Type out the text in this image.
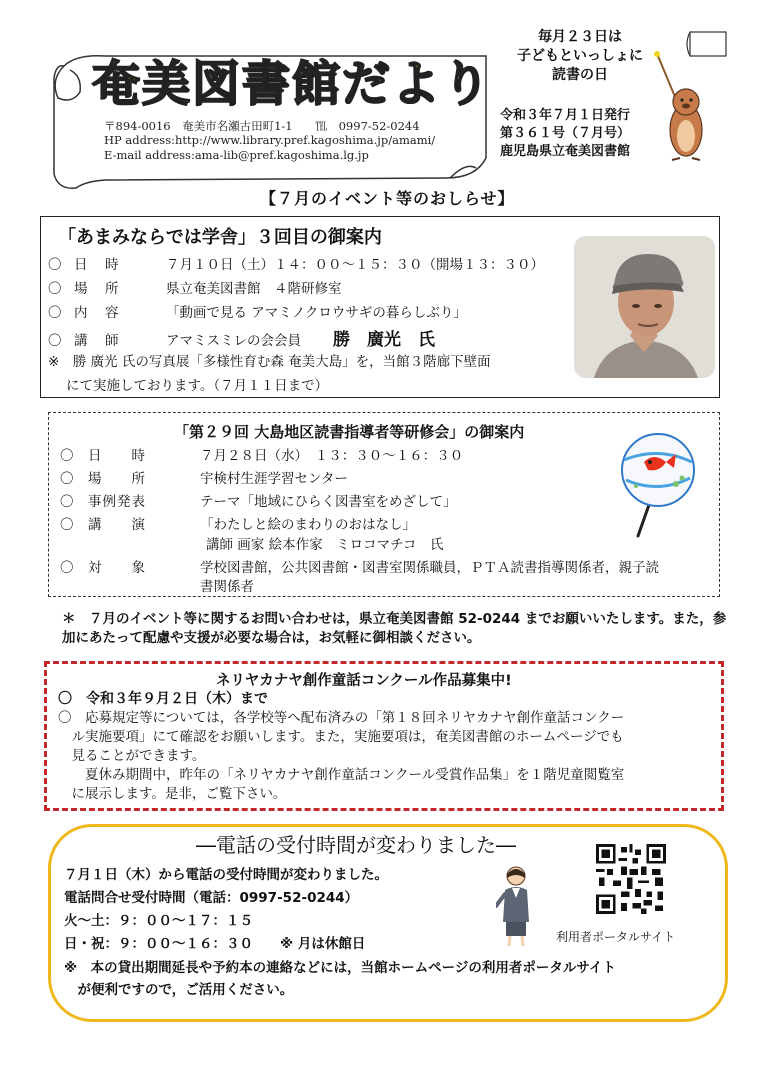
奄美図書館だより
〒894-0016　奄美市名瀬古田町1-1　　℡　0997-52-0244
HP address:http://www.library.pref.kagoshima.jp/amami/
E-mail address:ama-lib@pref.kagoshima.lg.jp
毎月２３日は
子どもといっしょに
読書の日
令和３年７月１日発行
第３６１号（７月号）
鹿児島県立奄美図書館
【７月のイベント等のおしらせ】
「あまみならでは学舎」３回目の御案内
〇 日　時	７月１０日（土）１４：００～１５：３０（開場１３：３０）
〇 場　所	県立奄美図書館　４階研修室
〇 内　容	「動画で見る アマミノクロウサギの暮らしぶり」
〇 講　師	アマミスミレの会会員 勝　廣光　氏
※　勝 廣光 氏の写真展「多様性育む森 奄美大島」を，当館３階廊下壁面
にて実施しております。（７月１１日まで）
「第２９回 大島地区読書指導者等研修会」の御案内
〇 日　　時	７月２８日（水）　１３：３０～１６：３０
〇 場　　所	宇検村生涯学習センター
〇 事例発表	テーマ「地域にひらく図書室をめざして」
〇 講　　演	「わたしと絵のまわりのおはなし」
講師 画家 絵本作家　ミロコマチコ　氏
〇 対　　象	学校図書館，公共図書館・図書室関係職員，ＰＴＡ読書指導関係者，親子読
書関係者
＊　７月のイベント等に関するお問い合わせは，県立奄美図書館 52-0244 までお願いいたします。また，参加にあたって配慮や支援が必要な場合は，お気軽に御相談ください。
ネリヤカナヤ創作童話コンクール作品募集中!
〇　令和３年９月２日（木）まで
〇　応募規定等については，各学校等へ配布済みの「第１８回ネリヤカナヤ創作童話コンクー
　ル実施要項」にて確認をお願いします。また，実施要項は，奄美図書館のホームページでも
　見ることができます。
　　夏休み期間中，昨年の「ネリヤカナヤ創作童話コンクール受賞作品集」を１階児童閲覧室
　に展示します。是非，ご覧下さい。
―電話の受付時間が変わりました―
７月１日（木）から電話の受付時間が変わりました。
電話問合せ受付時間（電話：0997-52-0244）
火～土：９：００～１７：１５
日・祝：９：００～１６：３０　　※ 月は休館日
※　本の貸出期間延長や予約本の連絡などには，当館ホームページの利用者ポータルサイト
　が便利ですので，ご活用ください。
利用者ポータルサイト
